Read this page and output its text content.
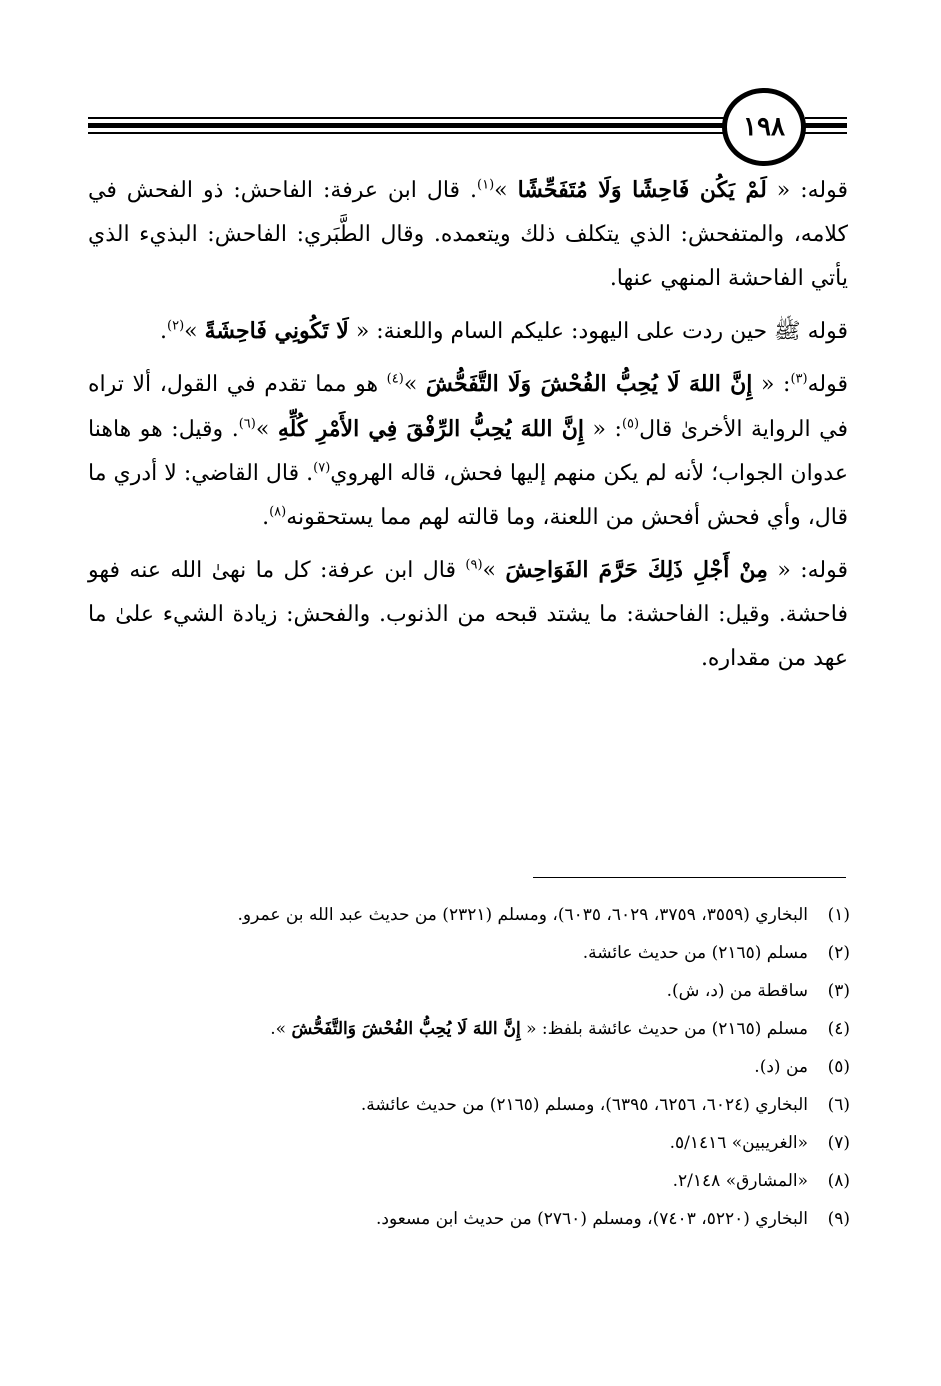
١٩٨

قوله: « لَمْ يَكُن فَاحِشًا وَلَا مُتَفَحِّشًا »$^{(١)}$. قال ابن عرفة: الفاحش: ذو الفحش في كلامه، والمتفحش: الذي يتكلف ذلك ويتعمده. وقال الطَّبَري: الفاحش: البذيء الذي يأتي الفاحشة المنهي عنها.

قوله ﷺ حين ردت على اليهود: عليكم السام واللعنة: « لَا تَكُونِي فَاحِشَةً »$^{(٢)}$.

قوله$^{(٣)}$: « إِنَّ اللهَ لَا يُحِبُّ الفُحْشَ وَلَا التَّفَحُّشَ »$^{(٤)}$ هو مما تقدم في القول، ألا تراه في الرواية الأخرىٰ قال$^{(٥)}$: « إِنَّ اللهَ يُحِبُّ الرِّفْقَ فِي الأَمْرِ كُلِّهِ »$^{(٦)}$. وقيل: هو هاهنا عدوان الجواب؛ لأنه لم يكن منهم إليها فحش، قاله الهروي$^{(٧)}$. قال القاضي: لا أدري ما قال، وأي فحش أفحش من اللعنة، وما قالته لهم مما يستحقونه$^{(٨)}$.

قوله: « مِنْ أَجْلِ ذَلِكَ حَرَّمَ الفَوَاحِشَ »$^{(٩)}$ قال ابن عرفة: كل ما نهىٰ الله عنه فهو فاحشة. وقيل: الفاحشة: ما يشتد قبحه من الذنوب. والفحش: زيادة الشيء علىٰ ما عهد من مقداره.

(١)
البخاري (٣٥٥٩، ٣٧٥٩، ٦٠٢٩، ٦٠٣٥)، ومسلم (٢٣٢١) من حديث عبد الله بن عمرو.
(٢)
مسلم (٢١٦٥) من حديث عائشة.
(٣)
ساقطة من (د، ش).
(٤)
مسلم (٢١٦٥) من حديث عائشة بلفظ: « إِنَّ اللهَ لَا يُحِبُّ الفُحْشَ وَالتَّفَحُّشَ ».
(٥)
من (د).
(٦)
البخاري (٦٠٢٤، ٦٢٥٦، ٦٣٩٥)، ومسلم (٢١٦٥) من حديث عائشة.
(٧)
«الغريبين» ٥/١٤١٦.
(٨)
«المشارق» ٢/١٤٨.
(٩)
البخاري (٥٢٢٠، ٧٤٠٣)، ومسلم (٢٧٦٠) من حديث ابن مسعود.
